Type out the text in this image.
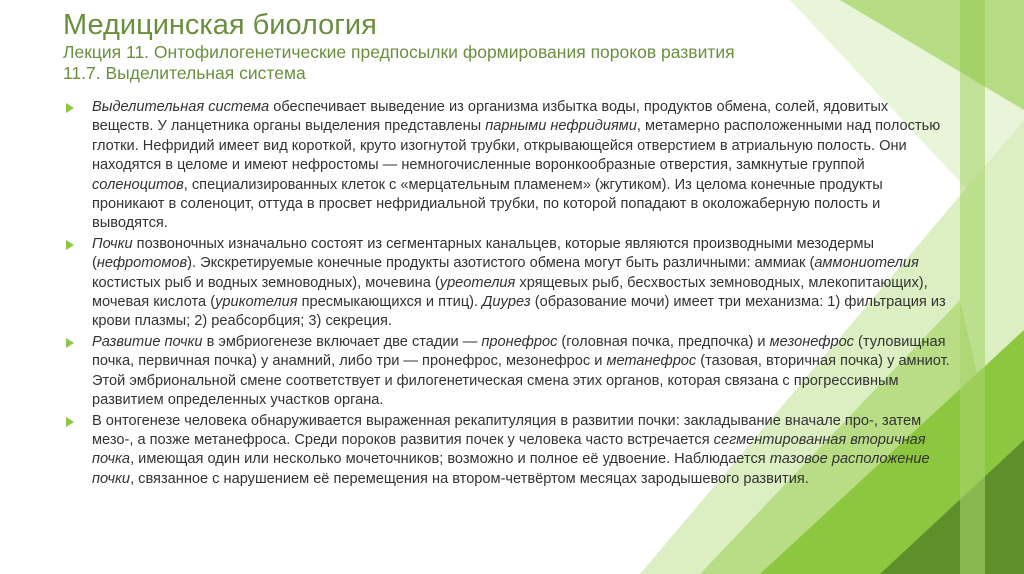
Медицинская биология
Лекция 11. Онтофилогенетические предпосылки формирования пороков развития
11.7. Выделительная система
Выделительная система обеспечивает выведение из организма избытка воды, продуктов обмена, солей, ядовитых веществ. У ланцетника органы выделения представлены парными нефридиями, метамерно расположенными над полостью глотки. Нефридий имеет вид короткой, круто изогнутой трубки, открывающейся отверстием в атриальную полость. Они находятся в целоме и имеют нефростомы — немногочисленные воронкообразные отверстия, замкнутые группой соленоцитов, специализированных клеток с «мерцательным пламенем» (жгутиком). Из целома конечные продукты проникают в соленоцит, оттуда в просвет нефридиальной трубки, по которой попадают в околожаберную полость и выводятся.
Почки позвоночных изначально состоят из сегментарных канальцев, которые являются производными мезодермы (нефротомов). Экскретируемые конечные продукты азотистого обмена могут быть различными: аммиак (аммониотелия костистых рыб и водных земноводных), мочевина (уреотелия хрящевых рыб, бесхвостых земноводных, млекопитающих), мочевая кислота (урикотелия пресмыкающихся и птиц). Диурез (образование мочи) имеет три механизма: 1) фильтрация из крови плазмы; 2) реабсорбция; 3) секреция.
Развитие почки в эмбриогенезе включает две стадии — пронефрос (головная почка, предпочка) и мезонефрос (туловищная почка, первичная почка) у анамний, либо три — пронефрос, мезонефрос и метанефрос (тазовая, вторичная почка) у амниот. Этой эмбриональной смене соответствует и филогенетическая смена этих органов, которая связана с прогрессивным развитием определенных участков органа.
В онтогенезе человека обнаруживается выраженная рекапитуляция в развитии почки: закладывание вначале про-, затем мезо-, а позже метанефроса. Среди пороков развития почек у человека часто встречается сегментированная вторичная почка, имеющая один или несколько мочеточников; возможно и полное её удвоение. Наблюдается тазовое расположение почки, связанное с нарушением её перемещения на втором-четвёртом месяцах зародышевого развития.
